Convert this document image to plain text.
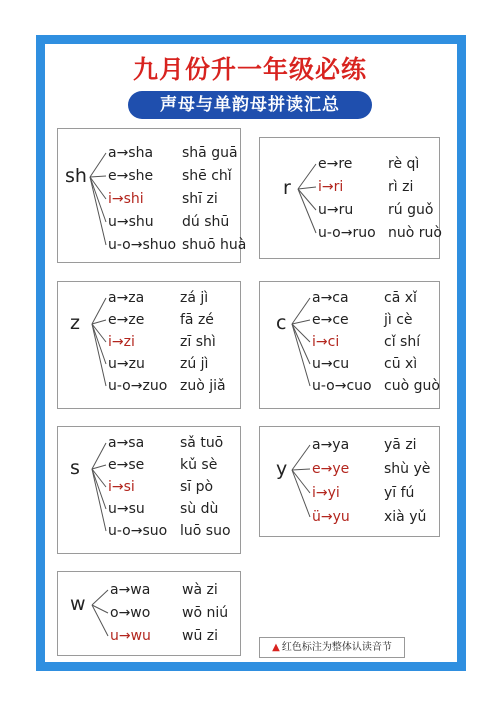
九月份升一年级必练
声母与单韵母拼读汇总
sh
a→sha shā guā
e→she shē chǐ
i→shi	shī zi
u→shu dú shū
u-o→shuo shuō huà
r
e→re	rè qì
i→ri	rì zi
u→ru rú guǒ
u-o→ruo nuò ruò
z
a→za	zá jì
e→ze	fā zé
i→zi	zī shì
u→zu	zú jì
u-o→zuo zuò jiǎ
c
a→ca	cā xǐ
e→ce	jì cè
i→ci	cǐ shí
u→cu cū xì
u-o→cuo cuò guò
s
a→sa	sǎ tuō
e→se	kǔ sè
i→si	sī pò
u→su	sù dù
u-o→suo luō suo
y
a→ya yā zi
e→ye shù yè
i→yi	yī fú
ü→yu xià yǔ
w
a→wa wà zi
o→wo wō niú
u→wu wū zi
▲ 红色标注为整体认读音节
